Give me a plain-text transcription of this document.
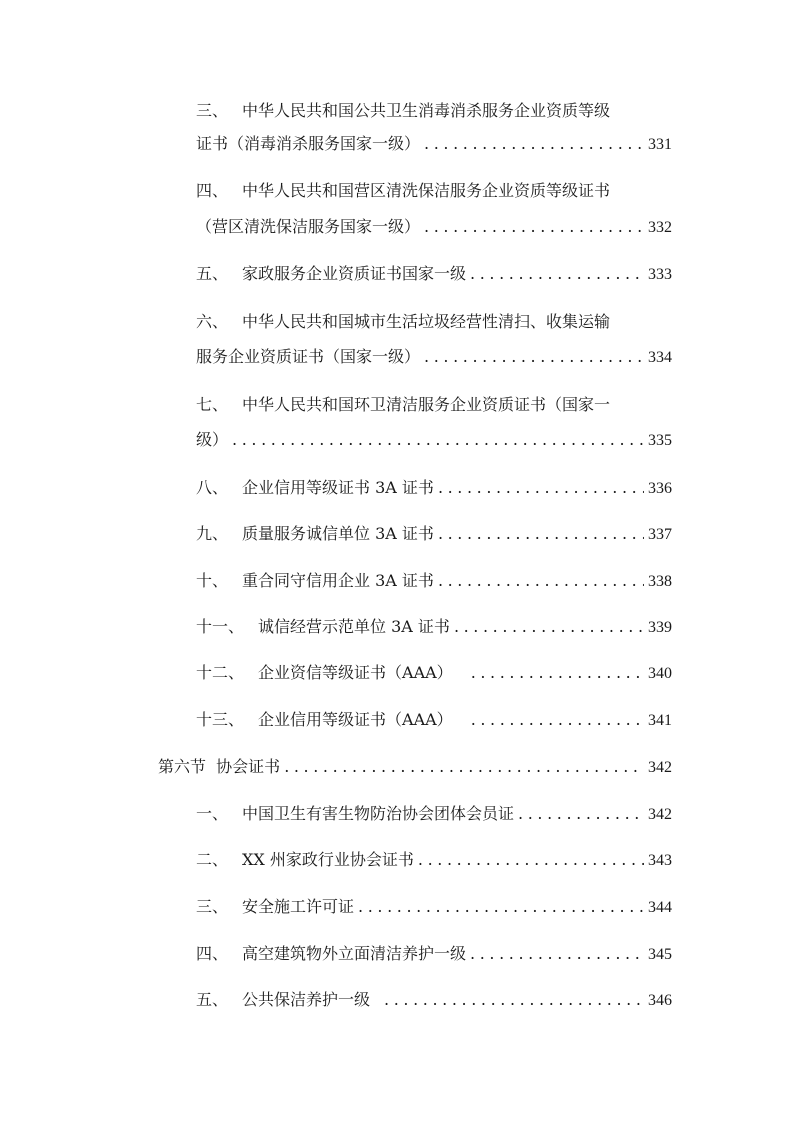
三、 中华人民共和国公共卫生消毒消杀服务企业资质等级
证书（消毒消杀服务国家一级） .....	331
四、 中华人民共和国营区清洗保洁服务企业资质等级证书
（营区清洗保洁服务国家一级） .....	332
五、 家政服务企业资质证书国家一级 .....	333
六、 中华人民共和国城市生活垃圾经营性清扫、收集运输
服务企业资质证书（国家一级） .....	334
七、 中华人民共和国环卫清洁服务企业资质证书（国家一
级） .....	335
八、 企业信用等级证书 3A 证书 .....	336
九、 质量服务诚信单位 3A 证书 .....	337
十、 重合同守信用企业 3A 证书 .....	338
十一、 诚信经营示范单位 3A 证书 .....	339
十二、 企业资信等级证书（AAA） .....	340
十三、 企业信用等级证书（AAA） .....	341
第六节  协会证书 .....	342
一、 中国卫生有害生物防治协会团体会员证 .....	342
二、 XX 州家政行业协会证书 .....	343
三、 安全施工许可证 .....	344
四、 高空建筑物外立面清洁养护一级 .....	345
五、 公共保洁养护一级 .....	346
